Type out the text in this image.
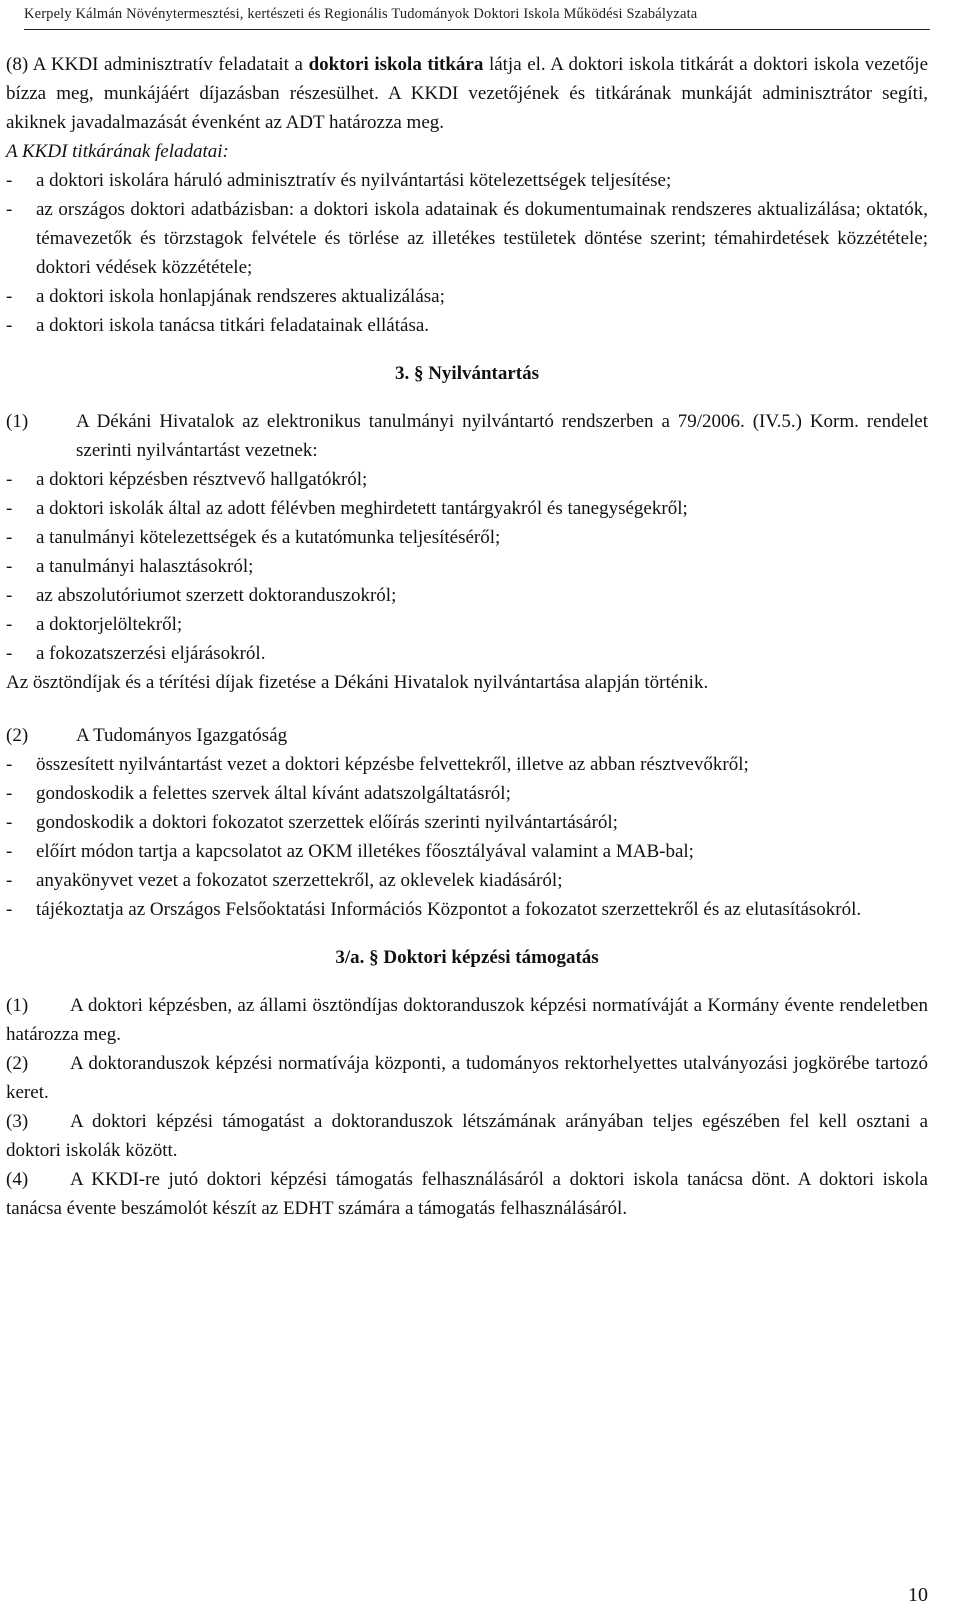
Kerpely Kálmán Növénytermesztési, kertészeti és Regionális Tudományok Doktori Iskola Működési Szabályzata

(8) A KKDI adminisztratív feladatait a doktori iskola titkára látja el. A doktori iskola titkárát a doktori iskola vezetője bízza meg, munkájáért díjazásban részesülhet. A KKDI vezetőjének és titkárának munkáját adminisztrátor segíti, akiknek javadalmazását évenként az ADT határozza meg.

A KKDI titkárának feladatai:

-	a doktori iskolára háruló adminisztratív és nyilvántartási kötelezettségek teljesítése;
-	az országos doktori adatbázisban: a doktori iskola adatainak és dokumentumainak rendszeres aktualizálása; oktatók, témavezetők és törzstagok felvétele és törlése az illetékes testületek döntése szerint; témahirdetések közzététele; doktori védések közzététele;
-	a doktori iskola honlapjának rendszeres aktualizálása;
-	a doktori iskola tanácsa titkári feladatainak ellátása.

3. § Nyilvántartás

(1)	A Dékáni Hivatalok az elektronikus tanulmányi nyilvántartó rendszerben a 79/2006. (IV.5.) Korm. rendelet szerinti nyilvántartást vezetnek:
-	a doktori képzésben résztvevő hallgatókról;
-	a doktori iskolák által az adott félévben meghirdetett tantárgyakról és tanegységekről;
-	a tanulmányi kötelezettségek és a kutatómunka teljesítéséről;
-	a tanulmányi halasztásokról;
-	az abszolutóriumot szerzett doktoranduszokról;
-	a doktorjelöltekről;
-	a fokozatszerzési eljárásokról.

Az ösztöndíjak és a térítési díjak fizetése a Dékáni Hivatalok nyilvántartása alapján történik.

(2)	A Tudományos Igazgatóság
-	összesített nyilvántartást vezet a doktori képzésbe felvettekről, illetve az abban résztvevőkről;
-	gondoskodik a felettes szervek által kívánt adatszolgáltatásról;
-	gondoskodik a doktori fokozatot szerzettek előírás szerinti nyilvántartásáról;
-	előírt módon tartja a kapcsolatot az OKM illetékes főosztályával valamint a MAB-bal;
-	anyakönyvet vezet a fokozatot szerzettekről, az oklevelek kiadásáról;
-	tájékoztatja az Országos Felsőoktatási Információs Központot a fokozatot szerzettekről és az elutasításokról.

3/a. § Doktori képzési támogatás

(1) A doktori képzésben, az állami ösztöndíjas doktoranduszok képzési normatíváját a Kormány évente rendeletben határozza meg.

(2) A doktoranduszok képzési normatívája központi, a tudományos rektorhelyettes utalványozási jogkörébe tartozó keret.

(3) A doktori képzési támogatást a doktoranduszok létszámának arányában teljes egészében fel kell osztani a doktori iskolák között.

(4) A KKDI-re jutó doktori képzési támogatás felhasználásáról a doktori iskola tanácsa dönt. A doktori iskola tanácsa évente beszámolót készít az EDHT számára a támogatás felhasználásáról.

10
